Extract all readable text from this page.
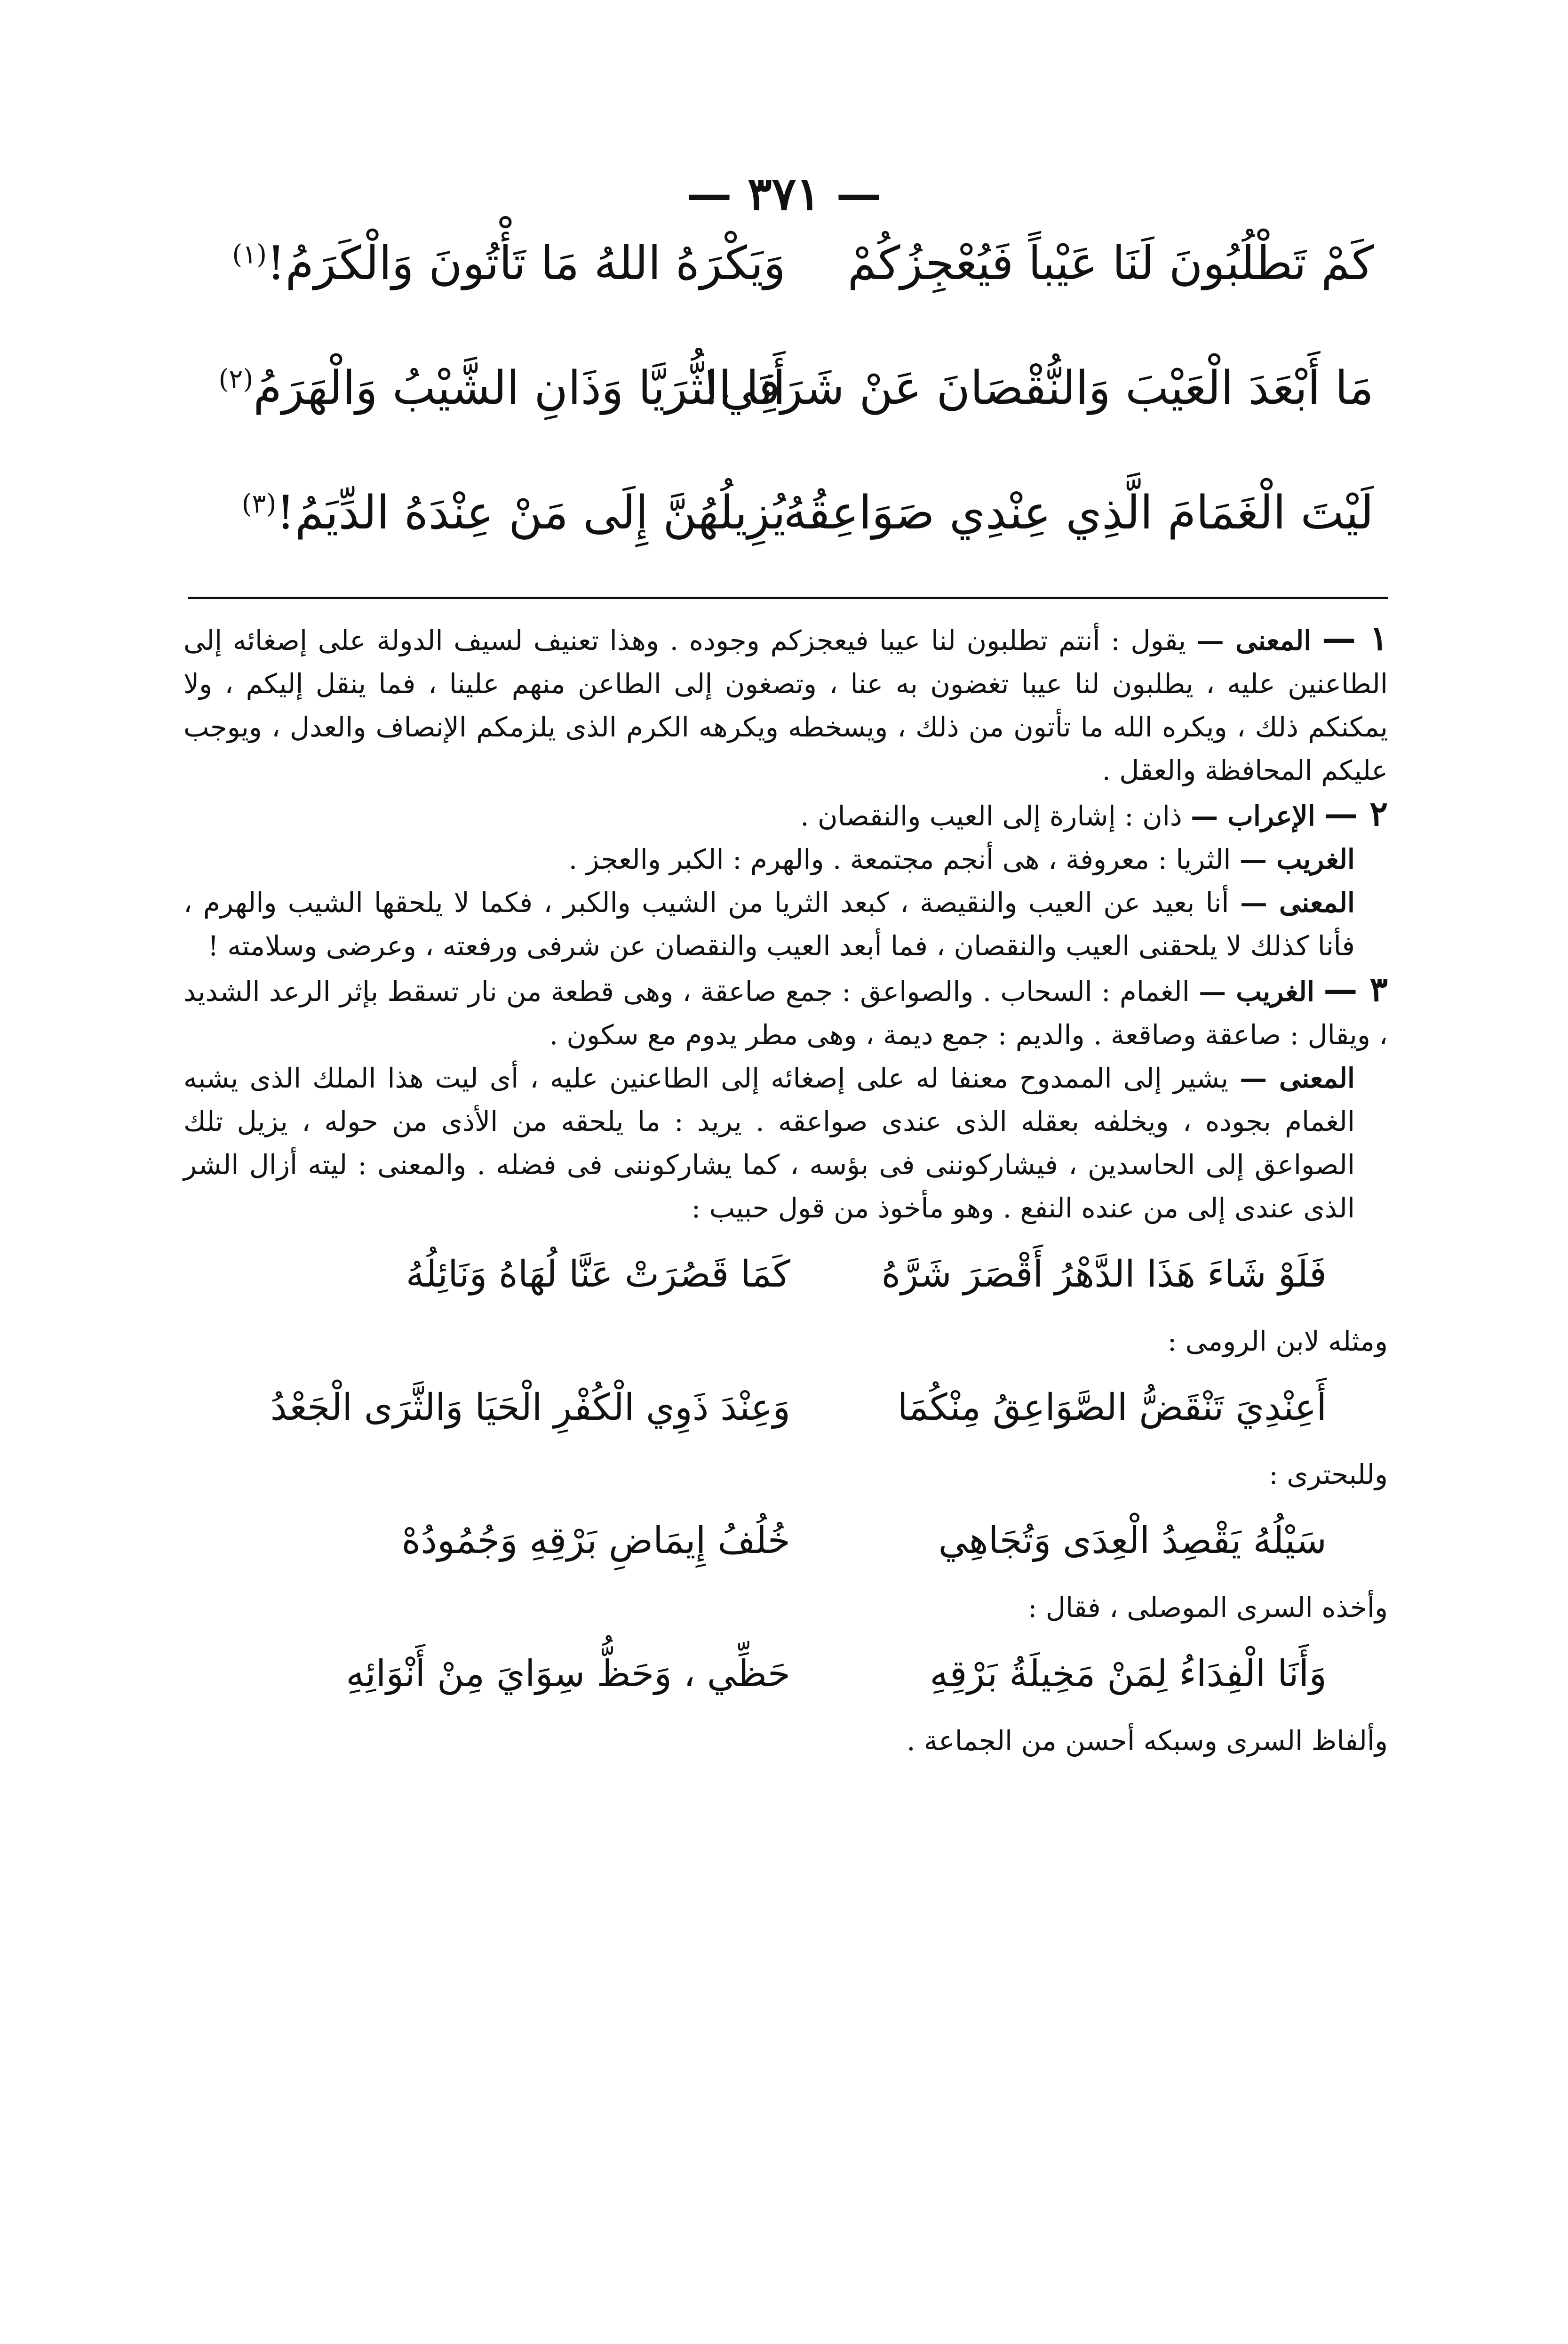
— ٣٧١ —
كَمْ تَطْلُبُونَ لَنَا عَيْباً فَيُعْجِزُكُمْ
وَيَكْرَهُ اللهُ مَا تَأْتُونَ وَالْكَرَمُ!$^{(١)}$
مَا أَبْعَدَ الْعَيْبَ وَالنُّقْصَانَ عَنْ شَرَفِي!
أَنَا الثُّرَيَّا وَذَانِ الشَّيْبُ وَالْهَرَمُ$^{(٢)}$
لَيْتَ الْغَمَامَ الَّذِي عِنْدِي صَوَاعِقُهُ
يُزِيلُهُنَّ إِلَى مَنْ عِنْدَهُ الدِّيَمُ!$^{(٣)}$

١ — المعنى — يقول : أنتم تطلبون لنا عيبا فيعجزكم وجوده . وهذا تعنيف لسيف الدولة على إصغائه إلى الطاعنين عليه ، يطلبون لنا عيبا تغضون به عنا ، وتصغون إلى الطاعن منهم علينا ، فما ينقل إليكم ، ولا يمكنكم ذلك ، ويكره الله ما تأتون من ذلك ، ويسخطه ويكرهه الكرم الذى يلزمكم الإنصاف والعدل ، ويوجب عليكم المحافظة والعقل .

٢ — الإعراب — ذان : إشارة إلى العيب والنقصان .

الغريب — الثريا : معروفة ، هى أنجم مجتمعة . والهرم : الكبر والعجز .

المعنى — أنا بعيد عن العيب والنقيصة ، كبعد الثريا من الشيب والكبر ، فكما لا يلحقها الشيب والهرم ، فأنا كذلك لا يلحقنى العيب والنقصان ، فما أبعد العيب والنقصان عن شرفى ورفعته ، وعرضى وسلامته !

٣ — الغريب — الغمام : السحاب . والصواعق : جمع صاعقة ، وهى قطعة من نار تسقط بإثر الرعد الشديد ، ويقال : صاعقة وصاقعة . والديم : جمع ديمة ، وهى مطر يدوم مع سكون .

المعنى — يشير إلى الممدوح معنفا له على إصغائه إلى الطاعنين عليه ، أى ليت هذا الملك الذى يشبه الغمام بجوده ، ويخلفه بعقله الذى عندى صواعقه . يريد : ما يلحقه من الأذى من حوله ، يزيل تلك الصواعق إلى الحاسدين ، فيشاركوننى فى بؤسه ، كما يشاركوننى فى فضله . والمعنى : ليته أزال الشر الذى عندى إلى من عنده النفع . وهو مأخوذ من قول حبيب :

فَلَوْ شَاءَ هَذَا الدَّهْرُ أَقْصَرَ شَرَّهُ
كَمَا قَصُرَتْ عَنَّا لُهَاهُ وَنَائِلُهُ

ومثله لابن الرومى :

أَعِنْدِيَ تَنْقَضُّ الصَّوَاعِقُ مِنْكُمَا
وَعِنْدَ ذَوِي الْكُفْرِ الْحَيَا وَالثَّرَى الْجَعْدُ

وللبحترى :

سَيْلُهُ يَقْصِدُ الْعِدَى وَتُجَاهِي
خُلُفُ إِيمَاضِ بَرْقِهِ وَجُمُودُهْ

وأخذه السرى الموصلى ، فقال :

وَأَنَا الْفِدَاءُ لِمَنْ مَخِيلَةُ بَرْقِهِ
حَظِّي ، وَحَظُّ سِوَايَ مِنْ أَنْوَائِهِ

وألفاظ السرى وسبكه أحسن من الجماعة .
